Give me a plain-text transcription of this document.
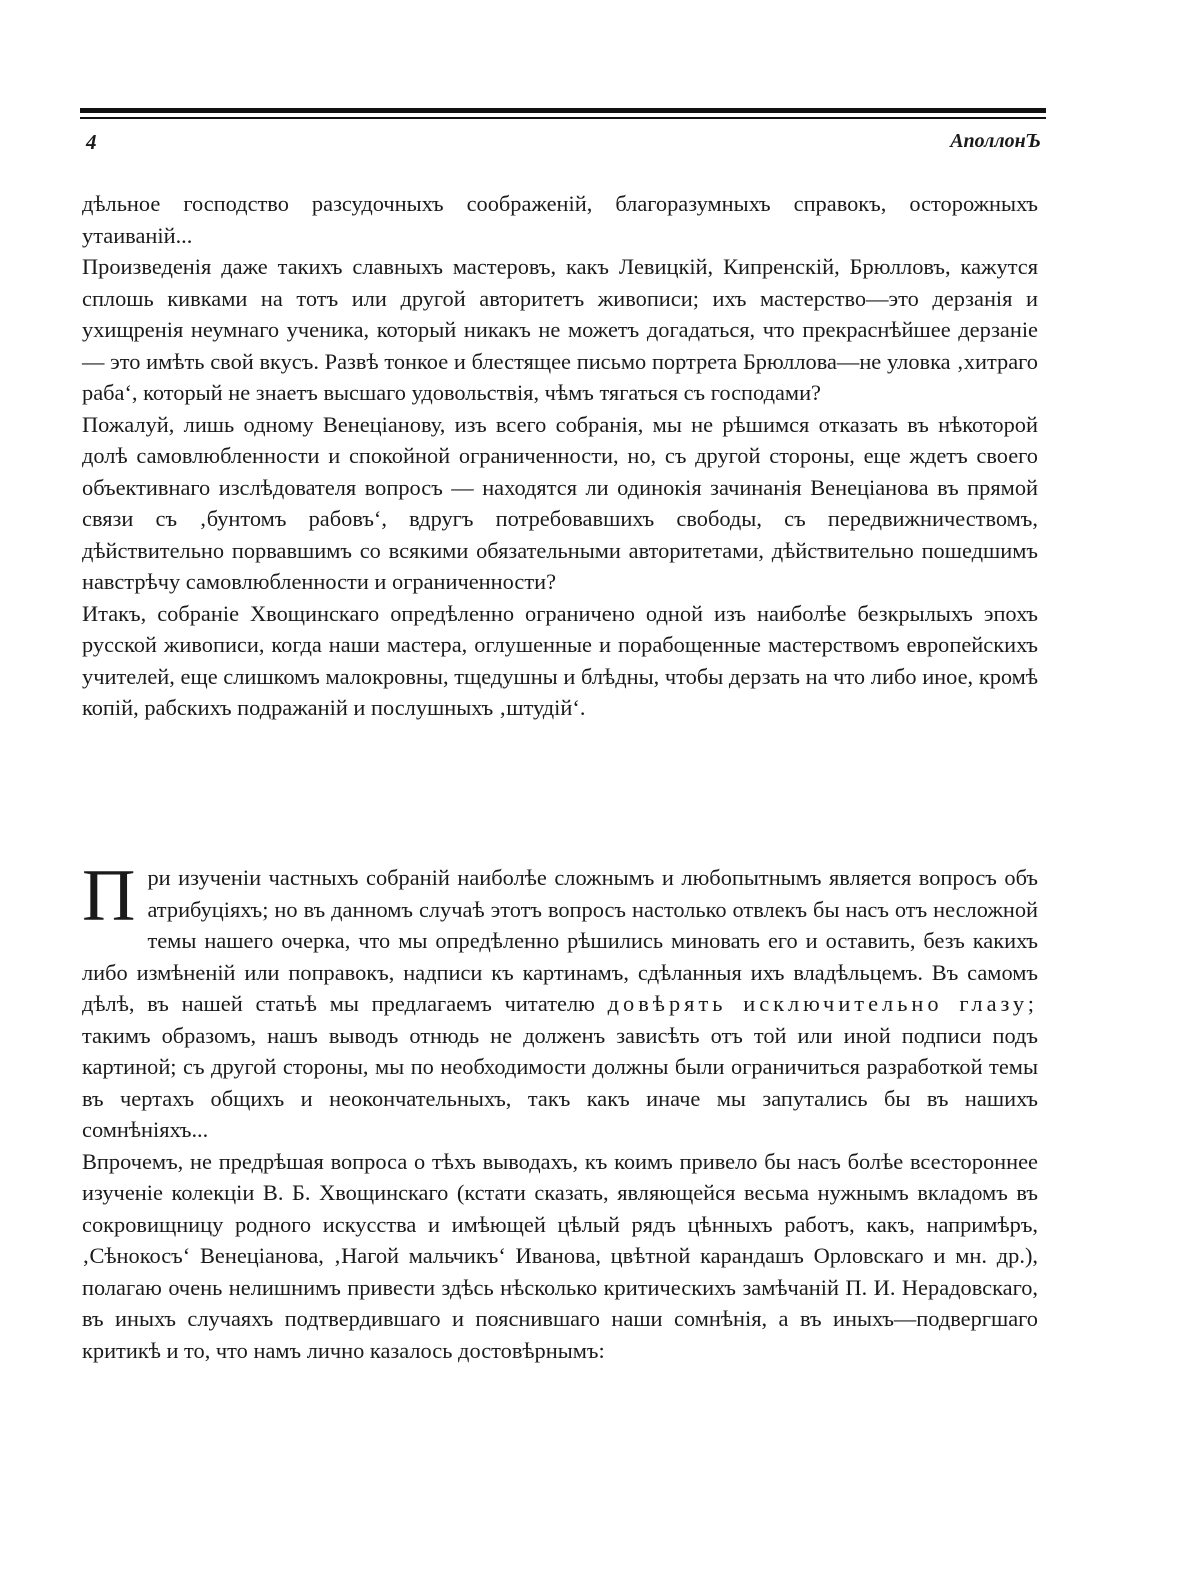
4	АполлонЪ

дѣльное господство разсудочныхъ соображеній, благоразумныхъ справокъ, осторожныхъ утаиваній...

Произведенія даже такихъ славныхъ мастеровъ, какъ Левицкій, Кипренскій, Брюлловъ, кажутся сплошь кивками на тотъ или другой авторитетъ живописи; ихъ мастерство—это дерзанія и ухищренія неумнаго ученика, который никакъ не можетъ догадаться, что прекраснѣйшее дерзаніе — это имѣть свой вкусъ. Развѣ тонкое и блестящее письмо портрета Брюллова—не уловка ‚хитраго раба‘, который не знаетъ высшаго удовольствія, чѣмъ тягаться съ господами?

Пожалуй, лишь одному Венеціанову, изъ всего собранія, мы не рѣшимся отказать въ нѣкоторой долѣ самовлюбленности и спокойной ограниченности, но, съ другой стороны, еще ждетъ своего объективнаго изслѣдователя вопросъ — находятся ли одинокія зачинанія Венеціанова въ прямой связи съ ‚бунтомъ рабовъ‘, вдругъ потребовавшихъ свободы, съ передвижничествомъ, дѣйствительно порвавшимъ со всякими обязательными авторитетами, дѣйствительно пошедшимъ навстрѣчу самовлюбленности и ограниченности?

Итакъ, собраніе Хвощинскаго опредѣленно ограничено одной изъ наиболѣе безкрылыхъ эпохъ русской живописи, когда наши мастера, оглушенные и порабощенные мастерствомъ европейскихъ учителей, еще слишкомъ малокровны, тщедушны и блѣдны, чтобы дерзать на что либо иное, кромѣ копій, рабскихъ подражаній и послушныхъ ‚штудій‘.

При изученіи частныхъ собраній наиболѣе сложнымъ и любопытнымъ является вопросъ объ атрибуціяхъ; но въ данномъ случаѣ этотъ вопросъ настолько отвлекъ бы насъ отъ несложной темы нашего очерка, что мы опредѣленно рѣшились миновать его и оставить, безъ какихъ либо измѣненій или поправокъ, надписи къ картинамъ, сдѣланныя ихъ владѣльцемъ. Въ самомъ дѣлѣ, въ нашей статьѣ мы предлагаемъ читателю довѣрять исключительно глазу; такимъ образомъ, нашъ выводъ отнюдь не долженъ зависѣть отъ той или иной подписи подъ картиной; съ другой стороны, мы по необходимости должны были ограничиться разработкой темы въ чертахъ общихъ и неокончательныхъ, такъ какъ иначе мы запутались бы въ нашихъ сомнѣніяхъ...

Впрочемъ, не предрѣшая вопроса о тѣхъ выводахъ, къ коимъ привело бы насъ болѣе всестороннее изученіе колекціи В. Б. Хвощинскаго (кстати сказать, являющейся весьма нужнымъ вкладомъ въ сокровищницу родного искусства и имѣющей цѣлый рядъ цѣнныхъ работъ, какъ, напримѣръ, ‚Сѣнокосъ‘ Венеціанова, ‚Нагой мальчикъ‘ Иванова, цвѣтной карандашъ Орловскаго и мн. др.), полагаю очень нелишнимъ привести здѣсь нѣсколько критическихъ замѣчаній П. И. Нерадовскаго, въ иныхъ случаяхъ подтвердившаго и пояснившаго наши сомнѣнія, а въ иныхъ—подвергшаго критикѣ и то, что намъ лично казалось достовѣрнымъ:
